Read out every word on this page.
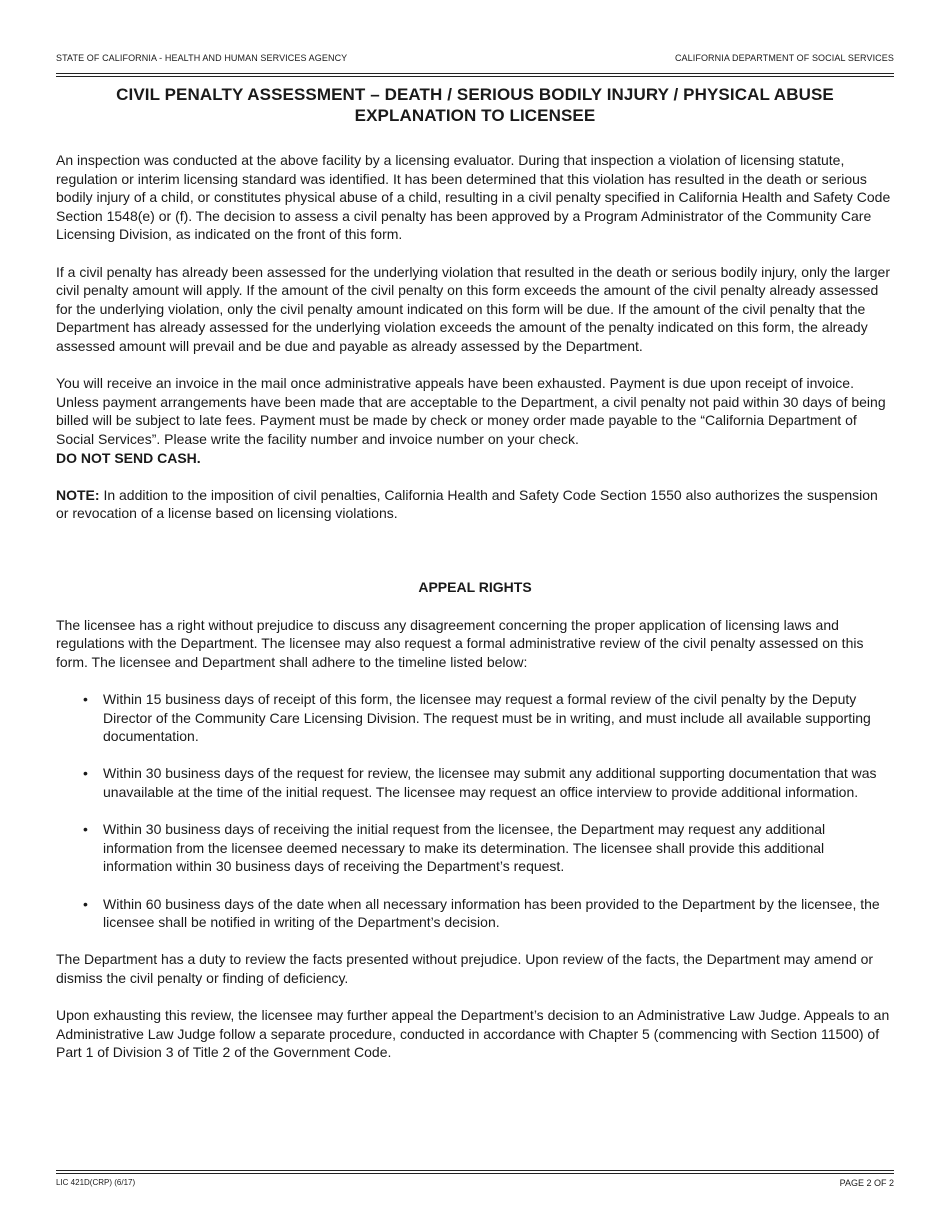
STATE OF CALIFORNIA - HEALTH AND HUMAN SERVICES AGENCY	CALIFORNIA DEPARTMENT OF SOCIAL SERVICES
CIVIL PENALTY ASSESSMENT – DEATH / SERIOUS BODILY INJURY / PHYSICAL ABUSE
EXPLANATION TO LICENSEE

An inspection was conducted at the above facility by a licensing evaluator. During that inspection a violation of licensing statute, regulation or interim licensing standard was identified. It has been determined that this violation has resulted in the death or serious bodily injury of a child, or constitutes physical abuse of a child, resulting in a civil penalty specified in California Health and Safety Code Section 1548(e) or (f). The decision to assess a civil penalty has been approved by a Program Administrator of the Community Care Licensing Division, as indicated on the front of this form.

If a civil penalty has already been assessed for the underlying violation that resulted in the death or serious bodily injury, only the larger civil penalty amount will apply. If the amount of the civil penalty on this form exceeds the amount of the civil penalty already assessed for the underlying violation, only the civil penalty amount indicated on this form will be due. If the amount of the civil penalty that the Department has already assessed for the underlying violation exceeds the amount of the penalty indicated on this form, the already assessed amount will prevail and be due and payable as already assessed by the Department.

You will receive an invoice in the mail once administrative appeals have been exhausted. Payment is due upon receipt of invoice. Unless payment arrangements have been made that are acceptable to the Department, a civil penalty not paid within 30 days of being billed will be subject to late fees. Payment must be made by check or money order made payable to the “California Department of Social Services”. Please write the facility number and invoice number on your check.
DO NOT SEND CASH.

NOTE: In addition to the imposition of civil penalties, California Health and Safety Code Section 1550 also authorizes the suspension or revocation of a license based on licensing violations.

APPEAL RIGHTS

The licensee has a right without prejudice to discuss any disagreement concerning the proper application of licensing laws and regulations with the Department. The licensee may also request a formal administrative review of the civil penalty assessed on this form. The licensee and Department shall adhere to the timeline listed below:

• Within 15 business days of receipt of this form, the licensee may request a formal review of the civil penalty by the Deputy Director of the Community Care Licensing Division. The request must be in writing, and must include all available supporting documentation.
• Within 30 business days of the request for review, the licensee may submit any additional supporting documentation that was unavailable at the time of the initial request. The licensee may request an office interview to provide additional information.
• Within 30 business days of receiving the initial request from the licensee, the Department may request any additional information from the licensee deemed necessary to make its determination. The licensee shall provide this additional information within 30 business days of receiving the Department’s request.
• Within 60 business days of the date when all necessary information has been provided to the Department by the licensee, the licensee shall be notified in writing of the Department’s decision.

The Department has a duty to review the facts presented without prejudice. Upon review of the facts, the Department may amend or dismiss the civil penalty or finding of deficiency.

Upon exhausting this review, the licensee may further appeal the Department’s decision to an Administrative Law Judge. Appeals to an Administrative Law Judge follow a separate procedure, conducted in accordance with Chapter 5 (commencing with Section 11500) of Part 1 of Division 3 of Title 2 of the Government Code.

LIC 421D(CRP) (6/17)	PAGE 2 OF 2
